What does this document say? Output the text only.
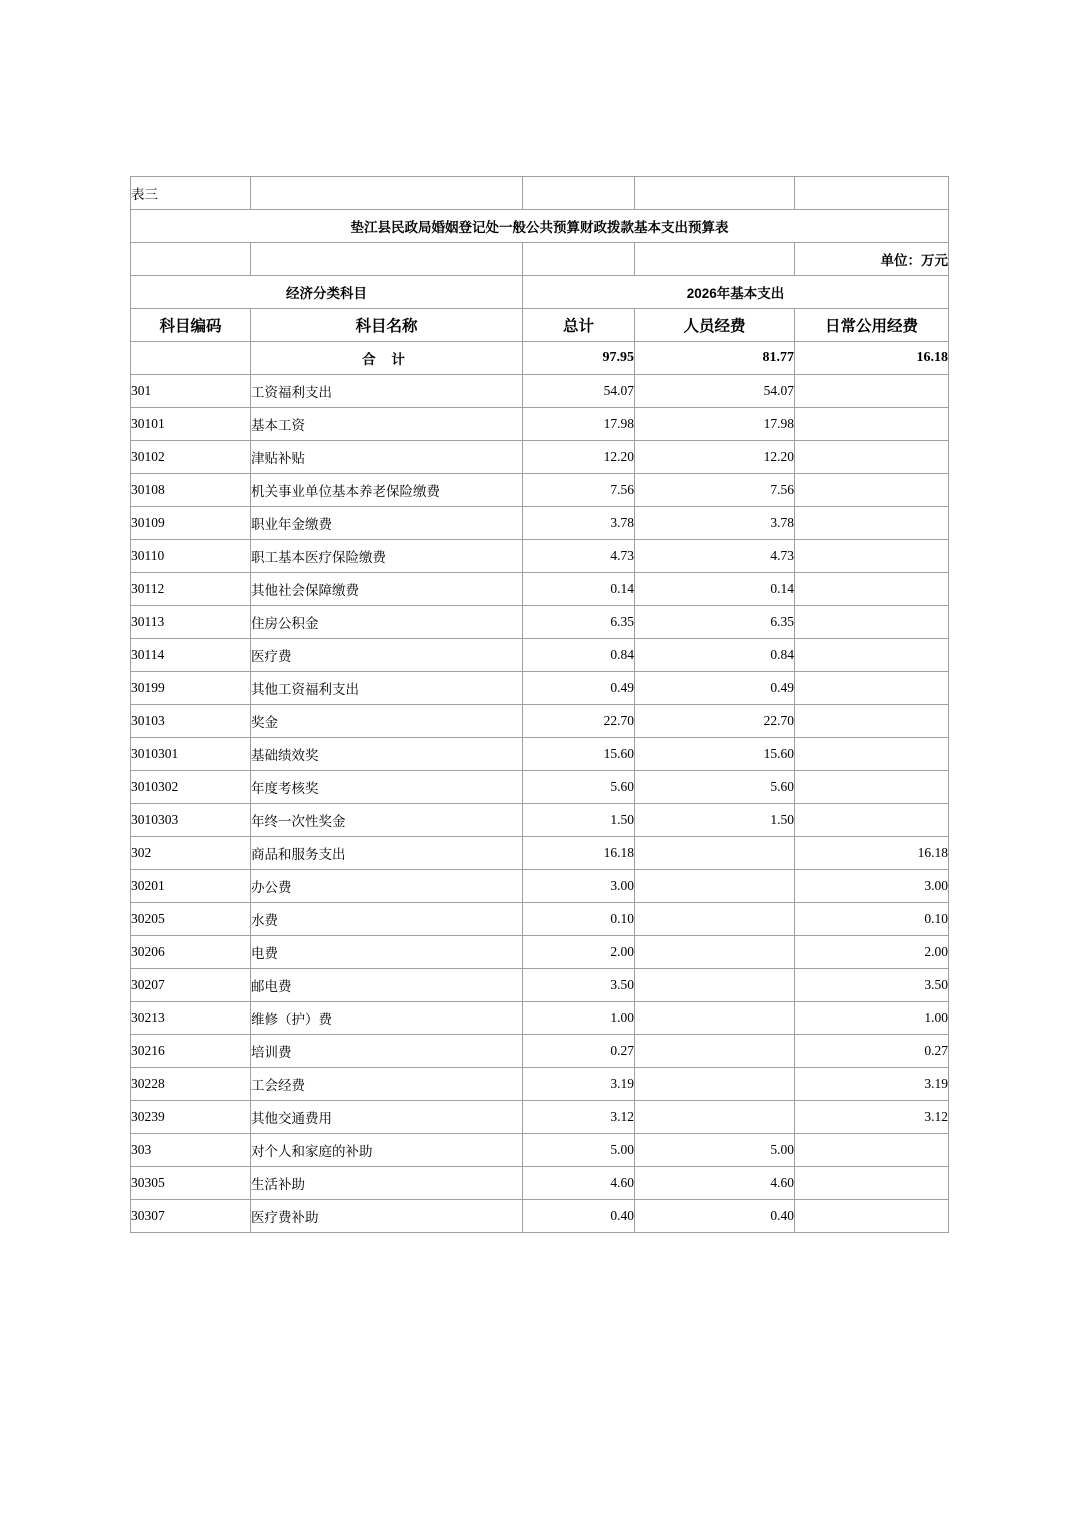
表三				
垫江县民政局婚姻登记处一般公共预算财政拨款基本支出预算表				
				单位：万元
经济分类科目		2026年基本支出		
科目编码	科目名称	总计	人员经费	日常公用经费
	合 计	97.95	81.77	16.18
301	工资福利支出	54.07	54.07	
30101	基本工资	17.98	17.98	
30102	津贴补贴	12.20	12.20	
30108	机关事业单位基本养老保险缴费	7.56	7.56	
30109	职业年金缴费	3.78	3.78	
30110	职工基本医疗保险缴费	4.73	4.73	
30112	其他社会保障缴费	0.14	0.14	
30113	住房公积金	6.35	6.35	
30114	医疗费	0.84	0.84	
30199	其他工资福利支出	0.49	0.49	
30103	奖金	22.70	22.70	
3010301	基础绩效奖	15.60	15.60	
3010302	年度考核奖	5.60	5.60	
3010303	年终一次性奖金	1.50	1.50	
302	商品和服务支出	16.18		16.18
30201	办公费	3.00		3.00
30205	水费	0.10		0.10
30206	电费	2.00		2.00
30207	邮电费	3.50		3.50
30213	维修（护）费	1.00		1.00
30216	培训费	0.27		0.27
30228	工会经费	3.19		3.19
30239	其他交通费用	3.12		3.12
303	对个人和家庭的补助	5.00	5.00	
30305	生活补助	4.60	4.60	
30307	医疗费补助	0.40	0.40	
